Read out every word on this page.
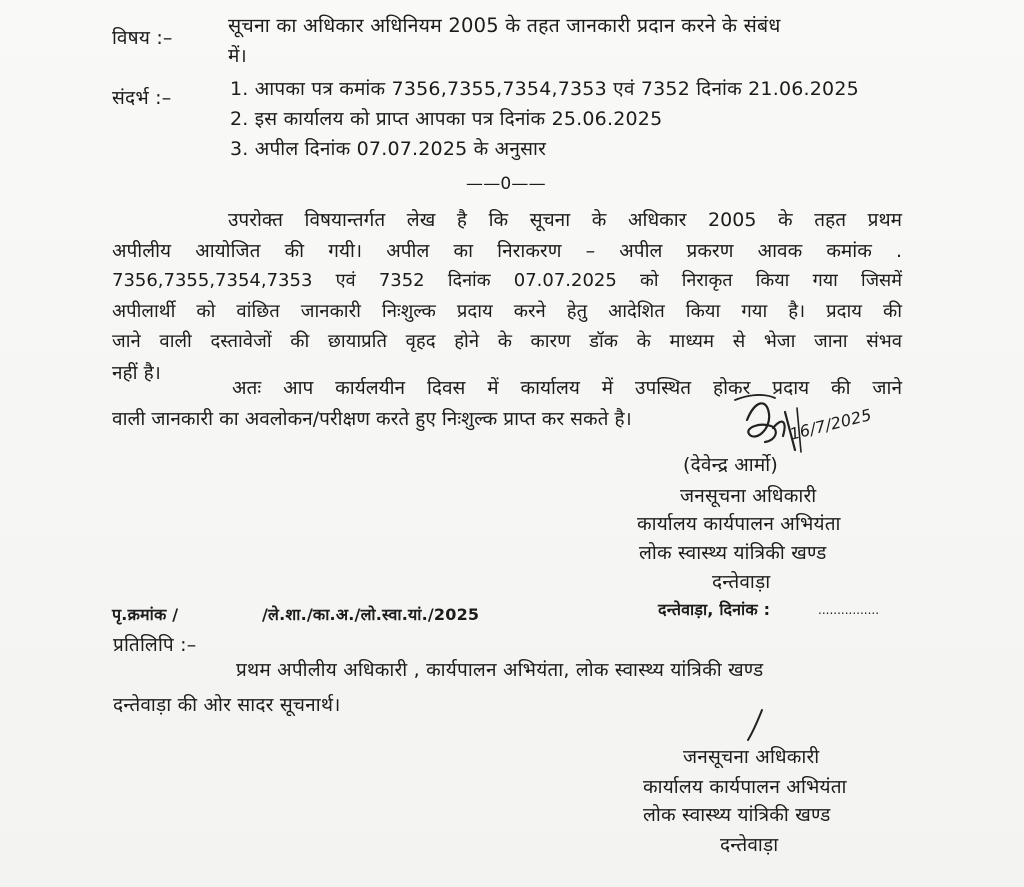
विषय :–
सूचना का अधिकार अधिनियम 2005 के तहत जानकारी प्रदान करने के संबंध
में।
संदर्भ :–	1. आपका पत्र कमांक 7356,7355,7354,7353 एवं 7352 दिनांक 21.06.2025
2. इस कार्यालय को प्राप्त आपका पत्र दिनांक 25.06.2025
3. अपील दिनांक 07.07.2025 के अनुसार
——0——
उपरोक्त विषयान्तर्गत लेख है कि सूचना के अधिकार 2005 के तहत प्रथम
अपीलीय आयोजित की गयी। अपील का निराकरण – अपील प्रकरण आवक कमांक .
7356,7355,7354,7353 एवं 7352 दिनांक 07.07.2025 को निराकृत किया गया जिसमें
अपीलार्थी को वांछित जानकारी निःशुल्क प्रदाय करने हेतु आदेशित किया गया है। प्रदाय की
जाने वाली दस्तावेजों की छायाप्रति वृहद होने के कारण डॉक के माध्यम से भेजा जाना संभव
नहीं है।
अतः आप कार्यलयीन दिवस में कार्यालय में उपस्थित होकर प्रदाय की जाने
वाली जानकारी का अवलोकन/परीक्षण करते हुए निःशुल्क प्राप्त कर सकते है।	16/7/2025
(देवेन्द्र आर्मो)
जनसूचना अधिकारी
कार्यालय कार्यपालन अभियंता
लोक स्वास्थ्य यांत्रिकी खण्ड
दन्तेवाड़ा
पृ.क्रमांक /	/ले.शा./का.अ./लो.स्वा.यां./2025	दन्तेवाड़ा, दिनांक :	................
प्रतिलिपि :–
प्रथम अपीलीय अधिकारी , कार्यपालन अभियंता, लोक स्वास्थ्य यांत्रिकी खण्ड
दन्तेवाड़ा की ओर सादर सूचनार्थ।
जनसूचना अधिकारी
कार्यालय कार्यपालन अभियंता
लोक स्वास्थ्य यांत्रिकी खण्ड
दन्तेवाड़ा
